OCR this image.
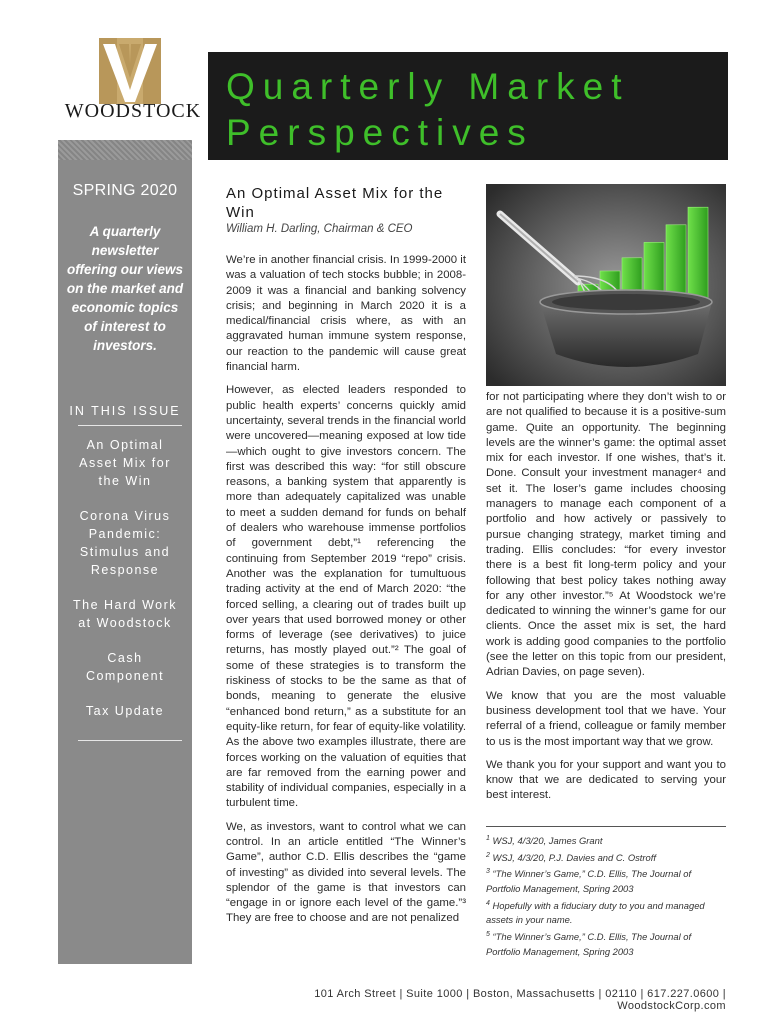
WOODSTOCK
Quarterly Market
Perspectives
SPRING 2020
A quarterly newsletter offering our views on the market and economic topics of interest to investors.
IN THIS ISSUE
An Optimal Asset Mix for the Win
Corona Virus Pandemic: Stimulus and Response
The Hard Work at Woodstock
Cash Component
Tax Update
An Optimal Asset Mix for the Win
William H. Darling, Chairman & CEO

We’re in another financial crisis. In 1999-2000 it was a valuation of tech stocks bubble; in 2008-2009 it was a financial and banking solvency crisis; and beginning in March 2020 it is a medical/financial crisis where, as with an aggravated human immune system response, our reaction to the pandemic will cause great financial harm.

However, as elected leaders responded to public health experts’ concerns quickly amid uncertainty, several trends in the financial world were uncovered—meaning exposed at low tide—which ought to give investors concern. The first was described this way: “for still obscure reasons, a banking system that apparently is more than adequately capitalized was unable to meet a sudden demand for funds on behalf of dealers who warehouse immense portfolios of government debt,”¹ referencing the continuing from September 2019 “repo” crisis. Another was the explanation for tumultuous trading activity at the end of March 2020: “the forced selling, a clearing out of trades built up over years that used borrowed money or other forms of leverage (see derivatives) to juice returns, has mostly played out.”² The goal of some of these strategies is to transform the riskiness of stocks to be the same as that of bonds, meaning to generate the elusive “enhanced bond return,” as a substitute for an equity-like return, for fear of equity-like volatility. As the above two examples illustrate, there are forces working on the valuation of equities that are far removed from the earning power and stability of individual companies, especially in a turbulent time.

We, as investors, want to control what we can control. In an article entitled “The Winner’s Game”, author C.D. Ellis describes the “game of investing” as divided into several levels. The splendor of the game is that investors can “engage in or ignore each level of the game.”³ They are free to choose and are not penalized

for not participating where they don’t wish to or are not qualified to because it is a positive-sum game. Quite an opportunity. The beginning levels are the winner’s game: the optimal asset mix for each investor. If one wishes, that’s it. Done. Consult your investment manager⁴ and set it. The loser’s game includes choosing managers to manage each component of a portfolio and how actively or passively to pursue changing strategy, market timing and trading. Ellis concludes: “for every investor there is a best fit long-term policy and your following that best policy takes nothing away for any other investor.”⁵ At Woodstock we’re dedicated to winning the winner’s game for our clients. Once the asset mix is set, the hard work is adding good companies to the portfolio (see the letter on this topic from our president, Adrian Davies, on page seven).

We know that you are the most valuable business development tool that we have. Your referral of a friend, colleague or family member to us is the most important way that we grow.

We thank you for your support and want you to know that we are dedicated to serving your best interest.

$^1$ WSJ, 4/3/20, James Grant
$^2$ WSJ, 4/3/20, P.J. Davies and C. Ostroff
$^3$ “The Winner’s Game,” C.D. Ellis, The Journal of Portfolio Management, Spring 2003
$^4$ Hopefully with a fiduciary duty to you and managed assets in your name.
$^5$ “The Winner’s Game,” C.D. Ellis, The Journal of Portfolio Management, Spring 2003
101 Arch Street | Suite 1000 | Boston, Massachusetts | 02110 | 617.227.0600 | WoodstockCorp.com
